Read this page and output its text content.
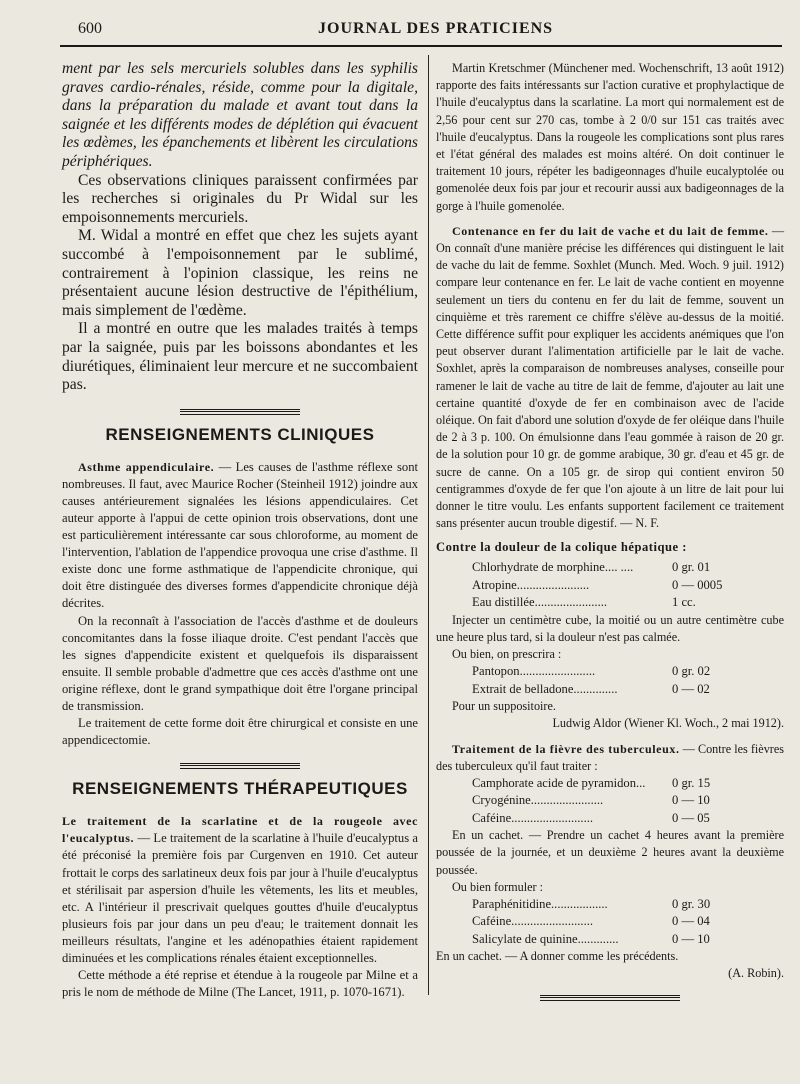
600	JOURNAL DES PRATICIENS

ment par les sels mercuriels solubles dans les syphilis graves cardio-rénales, réside, comme pour la digitale, dans la préparation du malade et avant tout dans la saignée et les différents modes de déplétion qui évacuent les œdèmes, les épanchements et libèrent les circulations périphériques.

Ces observations cliniques paraissent confirmées par les recherches si originales du Pr Widal sur les empoisonnements mercuriels.

M. Widal a montré en effet que chez les sujets ayant succombé à l'empoisonnement par le sublimé, contrairement à l'opinion classique, les reins ne présentaient aucune lésion destructive de l'épithélium, mais simplement de l'œdème.

Il a montré en outre que les malades traités à temps par la saignée, puis par les boissons abondantes et les diurétiques, éliminaient leur mercure et ne succombaient pas.

RENSEIGNEMENTS CLINIQUES

Asthme appendiculaire. — Les causes de l'asthme réflexe sont nombreuses. Il faut, avec Maurice Rocher (Steinheil 1912) joindre aux causes antérieurement signalées les lésions appendiculaires. Cet auteur apporte à l'appui de cette opinion trois observations, dont une est particulièrement intéressante car sous chloroforme, au moment de l'intervention, l'ablation de l'appendice provoqua une crise d'asthme. Il existe donc une forme asthmatique de l'appendicite chronique, qui doit être distinguée des diverses formes d'appendicite chronique déjà décrites.

On la reconnaît à l'association de l'accès d'asthme et de douleurs concomitantes dans la fosse iliaque droite. C'est pendant l'accès que les signes d'appendicite existent et quelquefois ils disparaissent ensuite. Il semble probable d'admettre que ces accès d'asthme ont une origine réflexe, dont le grand sympathique doit être l'organe principal de transmission.

Le traitement de cette forme doit être chirurgical et consiste en une appendicectomie.

RENSEIGNEMENTS THÉRAPEUTIQUES

Le traitement de la scarlatine et de la rougeole avec l'eucalyptus. — Le traitement de la scarlatine à l'huile d'eucalyptus a été préconisé la première fois par Curgenven en 1910. Cet auteur frottait le corps des sarlatineux deux fois par jour à l'huile d'eucalyptus et stérilisait par aspersion d'huile les vêtements, les lits et meubles, etc. A l'intérieur il prescrivait quelques gouttes d'huile d'eucalyptus plusieurs fois par jour dans un peu d'eau; le traitement donnait les meilleurs résultats, l'angine et les adénopathies étaient rapidement diminuées et les complications rénales étaient exceptionnelles.

Cette méthode a été reprise et étendue à la rougeole par Milne et a pris le nom de méthode de Milne (The Lancet, 1911, p. 1070-1671).

Martin Kretschmer (Münchener med. Wochenschrift, 13 août 1912) rapporte des faits intéressants sur l'action curative et prophylactique de l'huile d'eucalyptus dans la scarlatine. La mort qui normalement est de 2,56 pour cent sur 270 cas, tombe à 2 0/0 sur 151 cas traités avec l'huile d'eucalyptus. Dans la rougeole les complications sont plus rares et l'état général des malades est moins altéré. On doit continuer le traitement 10 jours, répéter les badigeonnages d'huile eucalyptolée ou gomenolée deux fois par jour et recourir aussi aux badigeonnages de la gorge à l'huile gomenolée.

Contenance en fer du lait de vache et du lait de femme. — On connaît d'une manière précise les différences qui distinguent le lait de vache du lait de femme. Soxhlet (Munch. Med. Woch. 9 juil. 1912) compare leur contenance en fer. Le lait de vache contient en moyenne seulement un tiers du contenu en fer du lait de femme, souvent un cinquième et très rarement ce chiffre s'élève au-dessus de la moitié. Cette différence suffit pour expliquer les accidents anémiques que l'on peut observer durant l'alimentation artificielle par le lait de vache. Soxhlet, après la comparaison de nombreuses analyses, conseille pour ramener le lait de vache au titre de lait de femme, d'ajouter au lait une certaine quantité d'oxyde de fer en combinaison avec de l'acide oléique. On fait d'abord une solution d'oxyde de fer oléique dans l'huile de 2 à 3 p. 100. On émulsionne dans l'eau gommée à raison de 20 gr. de la solution pour 10 gr. de gomme arabique, 30 gr. d'eau et 45 gr. de sucre de canne. On a 105 gr. de sirop qui contient environ 50 centigrammes d'oxyde de fer que l'on ajoute à un litre de lait pour lui donner le titre voulu. Les enfants supportent facilement ce traitement sans présenter aucun trouble digestif. — N. F.

Contre la douleur de la colique hépatique :
Chlorhydrate de morphine.... ....	0 gr. 01
Atropine.......................	0 — 0005
Eau distillée.......................	1 cc.

Injecter un centimètre cube, la moitié ou un autre centimètre cube une heure plus tard, si la douleur n'est pas calmée.

Ou bien, on prescrira :

Pantopon........................	0 gr. 02
Extrait de belladone..............	0 — 02

Pour un suppositoire.

Ludwig Aldor (Wiener Kl. Woch., 2 mai 1912).

Traitement de la fièvre des tuberculeux. — Contre les fièvres des tuberculeux qu'il faut traiter :

Camphorate acide de pyramidon...	0 gr. 15
Cryogénine.......................	0 — 10
Caféine..........................	0 — 05

En un cachet. — Prendre un cachet 4 heures avant la première poussée de la journée, et un deuxième 2 heures avant la deuxième poussée.

Ou bien formuler :

Paraphénitidine..................	0 gr. 30
Caféine..........................	0 — 04
Salicylate de quinine.............	0 — 10

En un cachet. — A donner comme les précédents.

(A. Robin).
